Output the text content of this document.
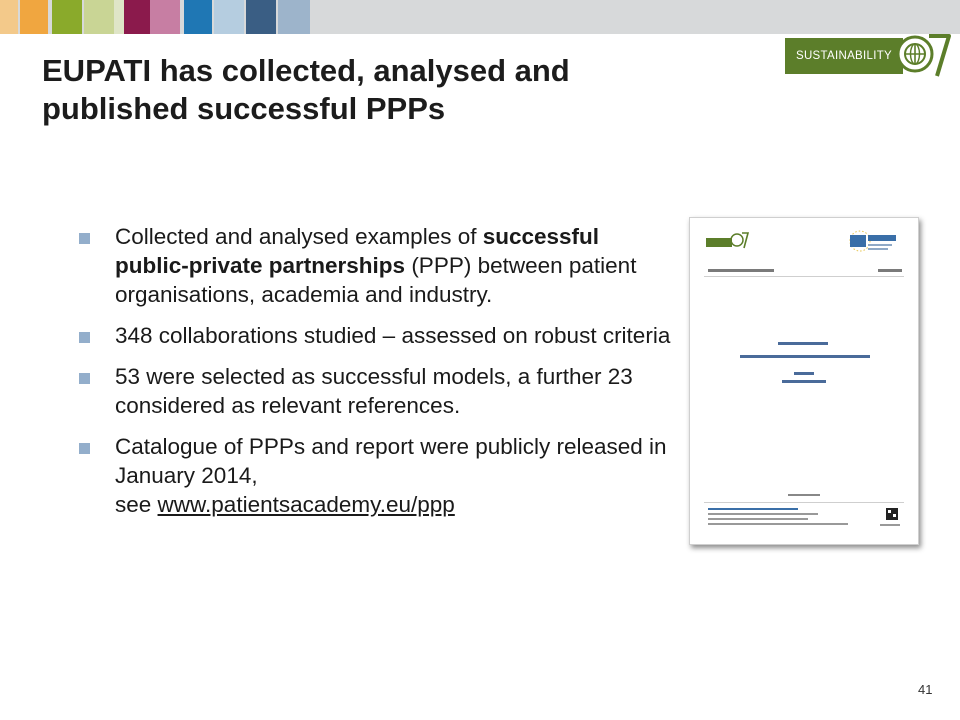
EUPATI has collected, analysed and
published successful PPPs
SUSTAINABILITY
Collected and analysed examples of successful public-private partnerships (PPP) between patient organisations, academia and industry.
348 collaborations studied – assessed on robust criteria
53 were selected as successful models, a further 23 considered as relevant references.
Catalogue of PPPs and report were publicly released in January 2014,
see www.patientsacademy.eu/ppp
41
